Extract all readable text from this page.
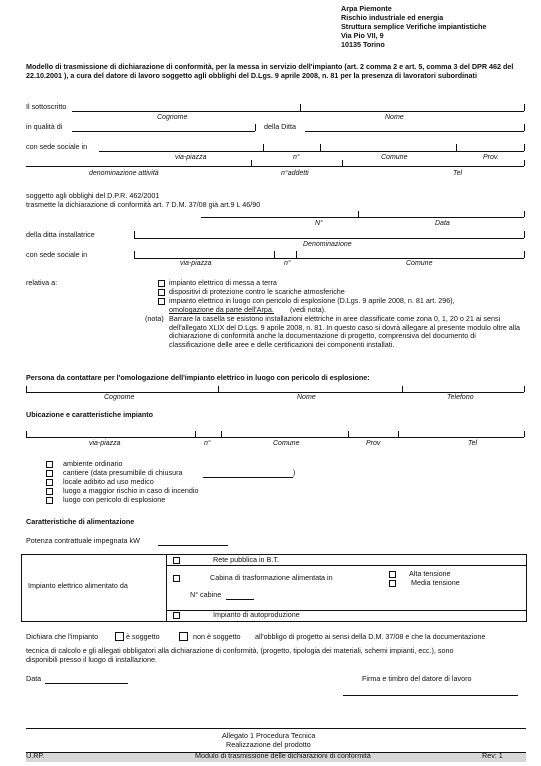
Arpa Piemonte
Rischio industriale ed energia
Struttura semplice Verifiche impiantistiche
Via Pio VII, 9
10135 Torino
Modello di trasmissione di dichiarazione di conformità, per la messa in servizio dell'impianto (art. 2 comma 2 e art. 5, comma 3 del DPR 462 del 22.10.2001 ), a cura del datore di lavoro soggetto agli obblighi del D.Lgs. 9 aprile 2008, n. 81 per la presenza di lavoratori subordinati
Il sottoscritto
Cognome	Nome
in qualità di	della Ditta
con sede sociale in
via-piazza	n°	Comune	Prov.
denominazione attività	n°addetti	Tel
soggetto agli obblighi del D.P.R. 462/2001
trasmette la dichiarazione di conformità art. 7 D.M. 37/08 già art.9 L 46/90
N°	Data
della ditta installatrice
Denominazione
con sede sociale in
via-piazza	n°	Comune
relativa a:	impianto elettrico di messa a terra
dispositivi di protezione contro le scariche atmosferiche
impianto elettrico in luogo con pericolo di esplosione (D.Lgs. 9 aprile 2008, n. 81 art. 296),
omologazione da parte dell'Arpa. (vedi nota).
(nota) Barrare la casella se esistono installazioni elettriche in aree classificate come zona 0, 1, 20 o 21 ai sensi dell'allegato XLIX del D.Lgs. 9 aprile 2008, n. 81. In questo caso si dovrà allegare al presente modulo oltre alla dichiarazione di conformità anche la documentazione di progetto, comprensiva del documento di classificazione delle aree e delle certificazioni dei componenti installati.
Persona da contattare per l'omologazione dell'impianto elettrico in luogo con pericolo di esplosione:
Cognome	Nome	Telefono
Ubicazione e caratteristiche impianto
via-piazza	n°	Comune	Prov	Tel
ambiente ordinario
cantiere (data presumibile di chiusura	)
locale adibito ad uso medico
luogo a maggior rischio in caso di incendio
luogo con pericolo di esplosione
Caratteristiche di alimentazione
Potenza contrattuale impegnata kW
Impianto elettrico alimentato da
Rete pubblica in B.T.
Cabina di trasformazione alimentata in	Alta tensione
Media tensione
N° cabine
Impianto di autoproduzione
Dichiara che l'impianto	è soggetto	non è soggetto all'obbligo di progetto ai sensi della D.M. 37/08 e che la documentazione
tecnica di calcolo e gli allegati obbligatori alla dichiarazione di conformità, (progetto, tipologia dei materiali, schemi impianti, ecc.), sono
disponibili presso il luogo di installazione.
Data	Firma e timbro del datore di lavoro
Allegato 1 Procedura Tecnica
Realizzazione del prodotto
U.RP.	Modulo di trasmissione delle dichiarazioni di conformità	Rev: 1
